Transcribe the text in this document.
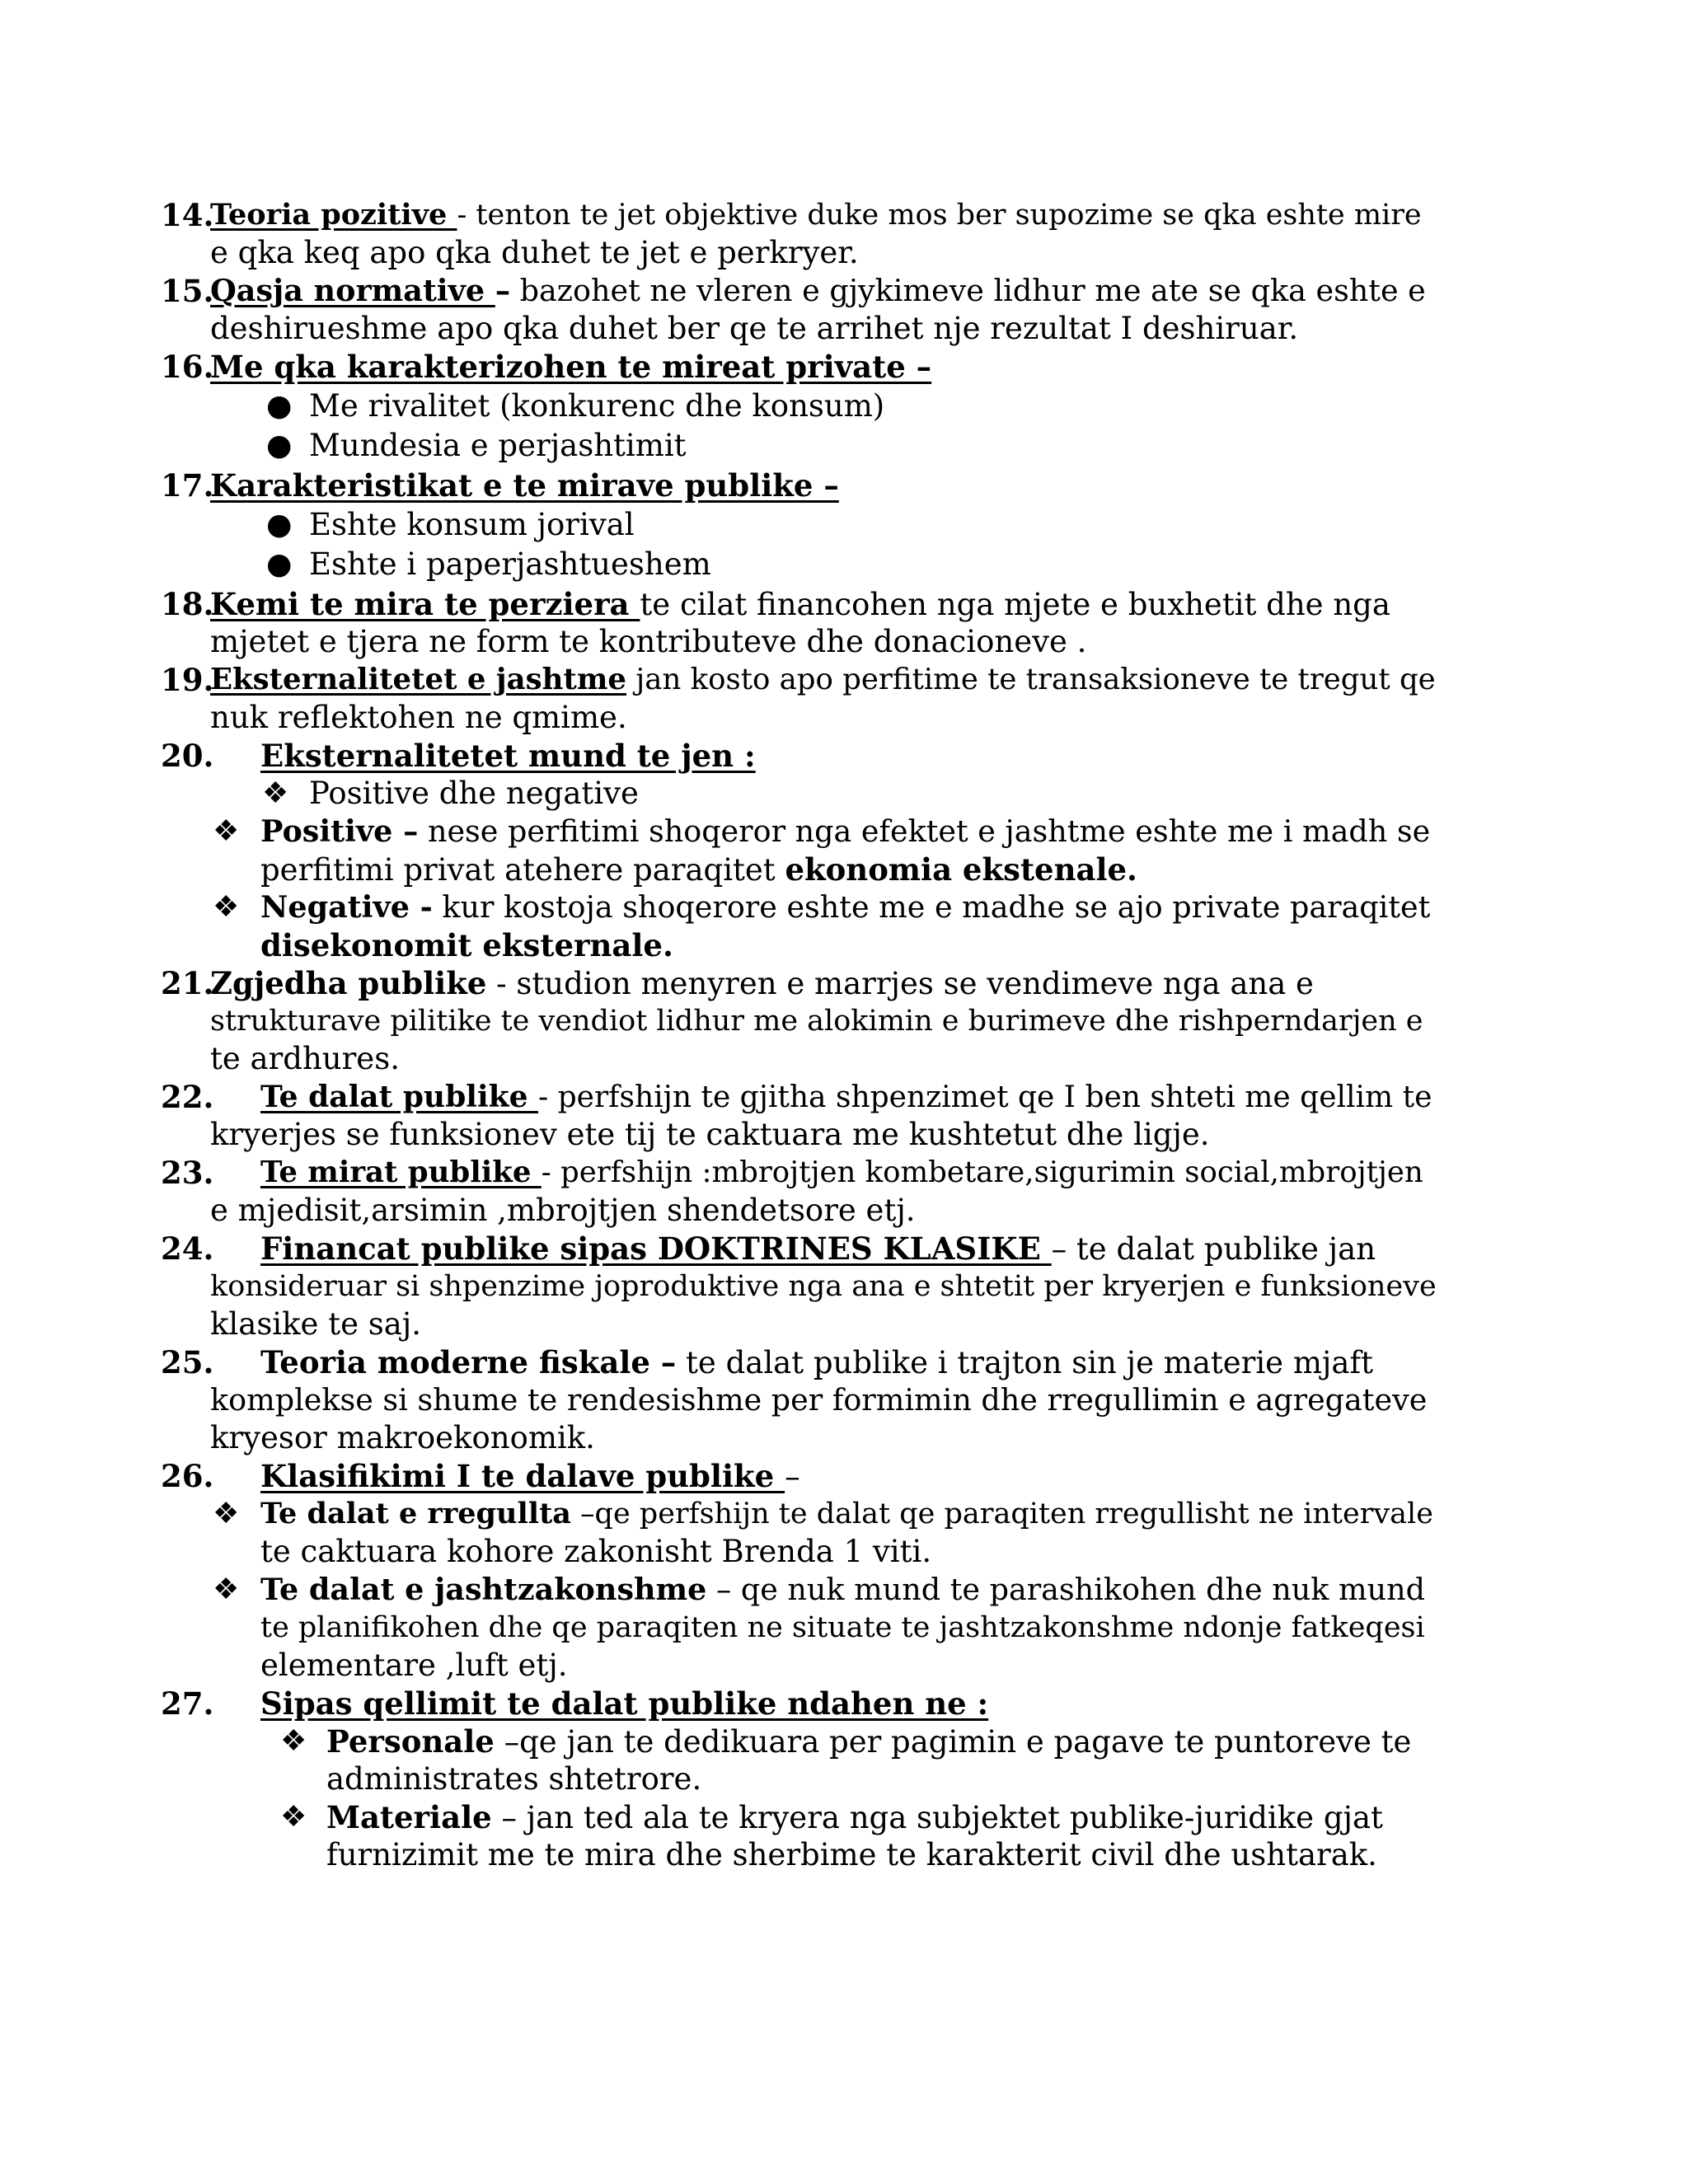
14.
Teoria pozitive - tenton te jet objektive duke mos ber supozime se qka eshte mire
e qka keq apo qka duhet te jet e perkryer.
15.
Qasja normative – bazohet ne vleren e gjykimeve lidhur me ate se qka eshte e
deshirueshme apo qka duhet ber qe te arrihet nje rezultat I deshiruar.
16.
Me qka karakterizohen te mireat private –
● Me rivalitet (konkurenc dhe konsum)
● Mundesia e perjashtimit
17.
Karakteristikat e te mirave publike –
● Eshte konsum jorival
● Eshte i paperjashtueshem
18.
Kemi te mira te perziera te cilat financohen nga mjete e buxhetit dhe nga
mjetet e tjera ne form te kontributeve dhe donacioneve .
19.
Eksternalitetet e jashtme jan kosto apo perfitime te transaksioneve te tregut qe
nuk reflektohen ne qmime.
20. Eksternalitetet mund te jen :
❖ Positive dhe negative
❖ Positive – nese perfitimi shoqeror nga efektet e jashtme eshte me i madh se
perfitimi privat atehere paraqitet ekonomia ekstenale.
❖ Negative - kur kostoja shoqerore eshte me e madhe se ajo private paraqitet
disekonomit eksternale.
21.
Zgjedha publike - studion menyren e marrjes se vendimeve nga ana e
strukturave pilitike te vendiot lidhur me alokimin e burimeve dhe rishperndarjen e
te ardhures.
22. Te dalat publike - perfshijn te gjitha shpenzimet qe I ben shteti me qellim te
kryerjes se funksionev ete tij te caktuara me kushtetut dhe ligje.
23. Te mirat publike - perfshijn :mbrojtjen kombetare,sigurimin social,mbrojtjen
e mjedisit,arsimin ,mbrojtjen shendetsore etj.
24. Financat publike sipas DOKTRINES KLASIKE – te dalat publike jan
konsideruar si shpenzime joproduktive nga ana e shtetit per kryerjen e funksioneve
klasike te saj.
25. Teoria moderne fiskale – te dalat publike i trajton sin je materie mjaft
komplekse si shume te rendesishme per formimin dhe rregullimin e agregateve
kryesor makroekonomik.
26. Klasifikimi I te dalave publike –
❖ Te dalat e rregullta –qe perfshijn te dalat qe paraqiten rregullisht ne intervale
te caktuara kohore zakonisht Brenda 1 viti.
❖ Te dalat e jashtzakonshme – qe nuk mund te parashikohen dhe nuk mund
te planifikohen dhe qe paraqiten ne situate te jashtzakonshme ndonje fatkeqesi
elementare ,luft etj.
27. Sipas qellimit te dalat publike ndahen ne :
❖ Personale –qe jan te dedikuara per pagimin e pagave te puntoreve te
administrates shtetrore.
❖ Materiale – jan ted ala te kryera nga subjektet publike-juridike gjat
furnizimit me te mira dhe sherbime te karakterit civil dhe ushtarak.
